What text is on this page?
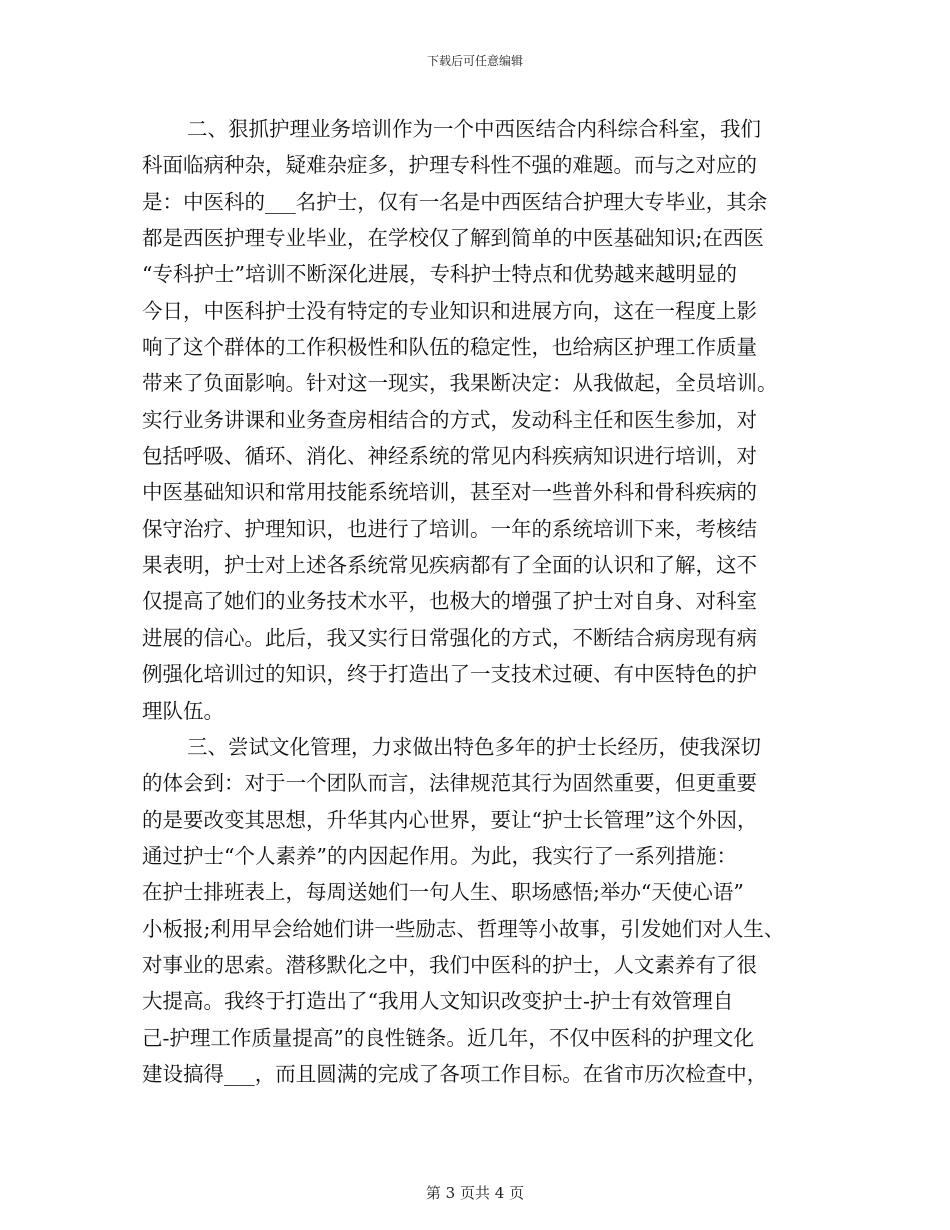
下载后可任意编辑
二、狠抓护理业务培训作为一个中西医结合内科综合科室，我们
科面临病种杂，疑难杂症多，护理专科性不强的难题。而与之对应的
是：中医科的___名护士，仅有一名是中西医结合护理大专毕业，其余
都是西医护理专业毕业，在学校仅了解到简单的中医基础知识;在西医
“专科护士”培训不断深化进展，专科护士特点和优势越来越明显的
今日，中医科护士没有特定的专业知识和进展方向，这在一程度上影
响了这个群体的工作积极性和队伍的稳定性，也给病区护理工作质量
带来了负面影响。针对这一现实，我果断决定：从我做起，全员培训。
实行业务讲课和业务查房相结合的方式，发动科主任和医生参加，对
包括呼吸、循环、消化、神经系统的常见内科疾病知识进行培训，对
中医基础知识和常用技能系统培训，甚至对一些普外科和骨科疾病的
保守治疗、护理知识，也进行了培训。一年的系统培训下来，考核结
果表明，护士对上述各系统常见疾病都有了全面的认识和了解，这不
仅提高了她们的业务技术水平，也极大的增强了护士对自身、对科室
进展的信心。此后，我又实行日常强化的方式，不断结合病房现有病
例强化培训过的知识，终于打造出了一支技术过硬、有中医特色的护
理队伍。
三、尝试文化管理，力求做出特色多年的护士长经历，使我深切
的体会到：对于一个团队而言，法律规范其行为固然重要，但更重要
的是要改变其思想，升华其内心世界，要让“护士长管理”这个外因，
通过护士“个人素养”的内因起作用。为此，我实行了一系列措施：
在护士排班表上，每周送她们一句人生、职场感悟;举办“天使心语”
小板报;利用早会给她们讲一些励志、哲理等小故事，引发她们对人生、
对事业的思索。潜移默化之中，我们中医科的护士，人文素养有了很
大提高。我终于打造出了“我用人文知识改变护士-护士有效管理自
己-护理工作质量提高”的良性链条。近几年，不仅中医科的护理文化
建设搞得___，而且圆满的完成了各项工作目标。在省市历次检查中，
第 3 页共 4 页
